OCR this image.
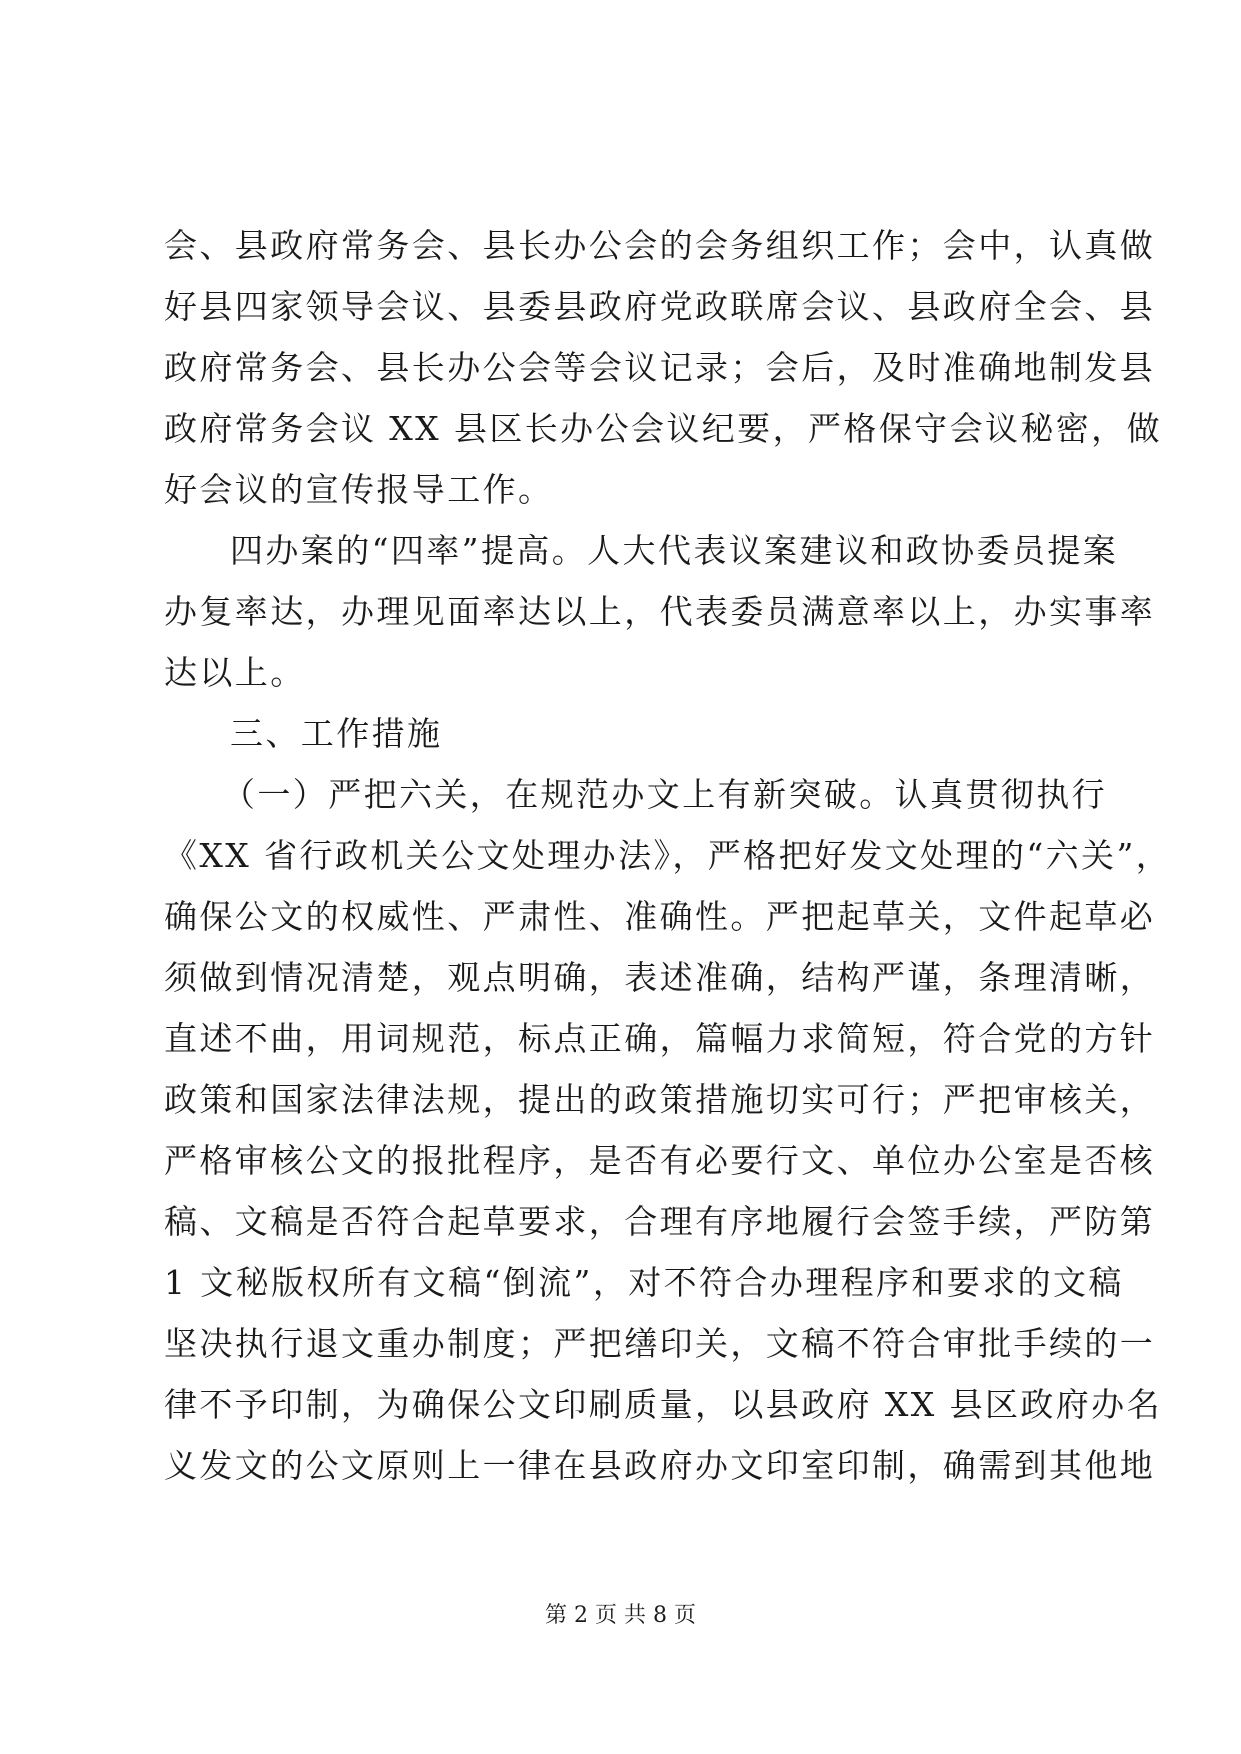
会、县政府常务会、县长办公会的会务组织工作；会中，认真做
好县四家领导会议、县委县政府党政联席会议、县政府全会、县
政府常务会、县长办公会等会议记录；会后，及时准确地制发县
政府常务会议 XX 县区长办公会议纪要，严格保守会议秘密，做
好会议的宣传报导工作。
四办案的“四率”提高。人大代表议案建议和政协委员提案
办复率达，办理见面率达以上，代表委员满意率以上，办实事率
达以上。
三、工作措施
（一）严把六关，在规范办文上有新突破。认真贯彻执行
《XX 省行政机关公文处理办法》，严格把好发文处理的“六关”，
确保公文的权威性、严肃性、准确性。严把起草关，文件起草必
须做到情况清楚，观点明确，表述准确，结构严谨，条理清晰，
直述不曲，用词规范，标点正确，篇幅力求简短，符合党的方针
政策和国家法律法规，提出的政策措施切实可行；严把审核关，
严格审核公文的报批程序，是否有必要行文、单位办公室是否核
稿、文稿是否符合起草要求，合理有序地履行会签手续，严防第
1 文秘版权所有文稿“倒流”，对不符合办理程序和要求的文稿
坚决执行退文重办制度；严把缮印关，文稿不符合审批手续的一
律不予印制，为确保公文印刷质量，以县政府 XX 县区政府办名
义发文的公文原则上一律在县政府办文印室印制，确需到其他地
第 2 页 共 8 页
